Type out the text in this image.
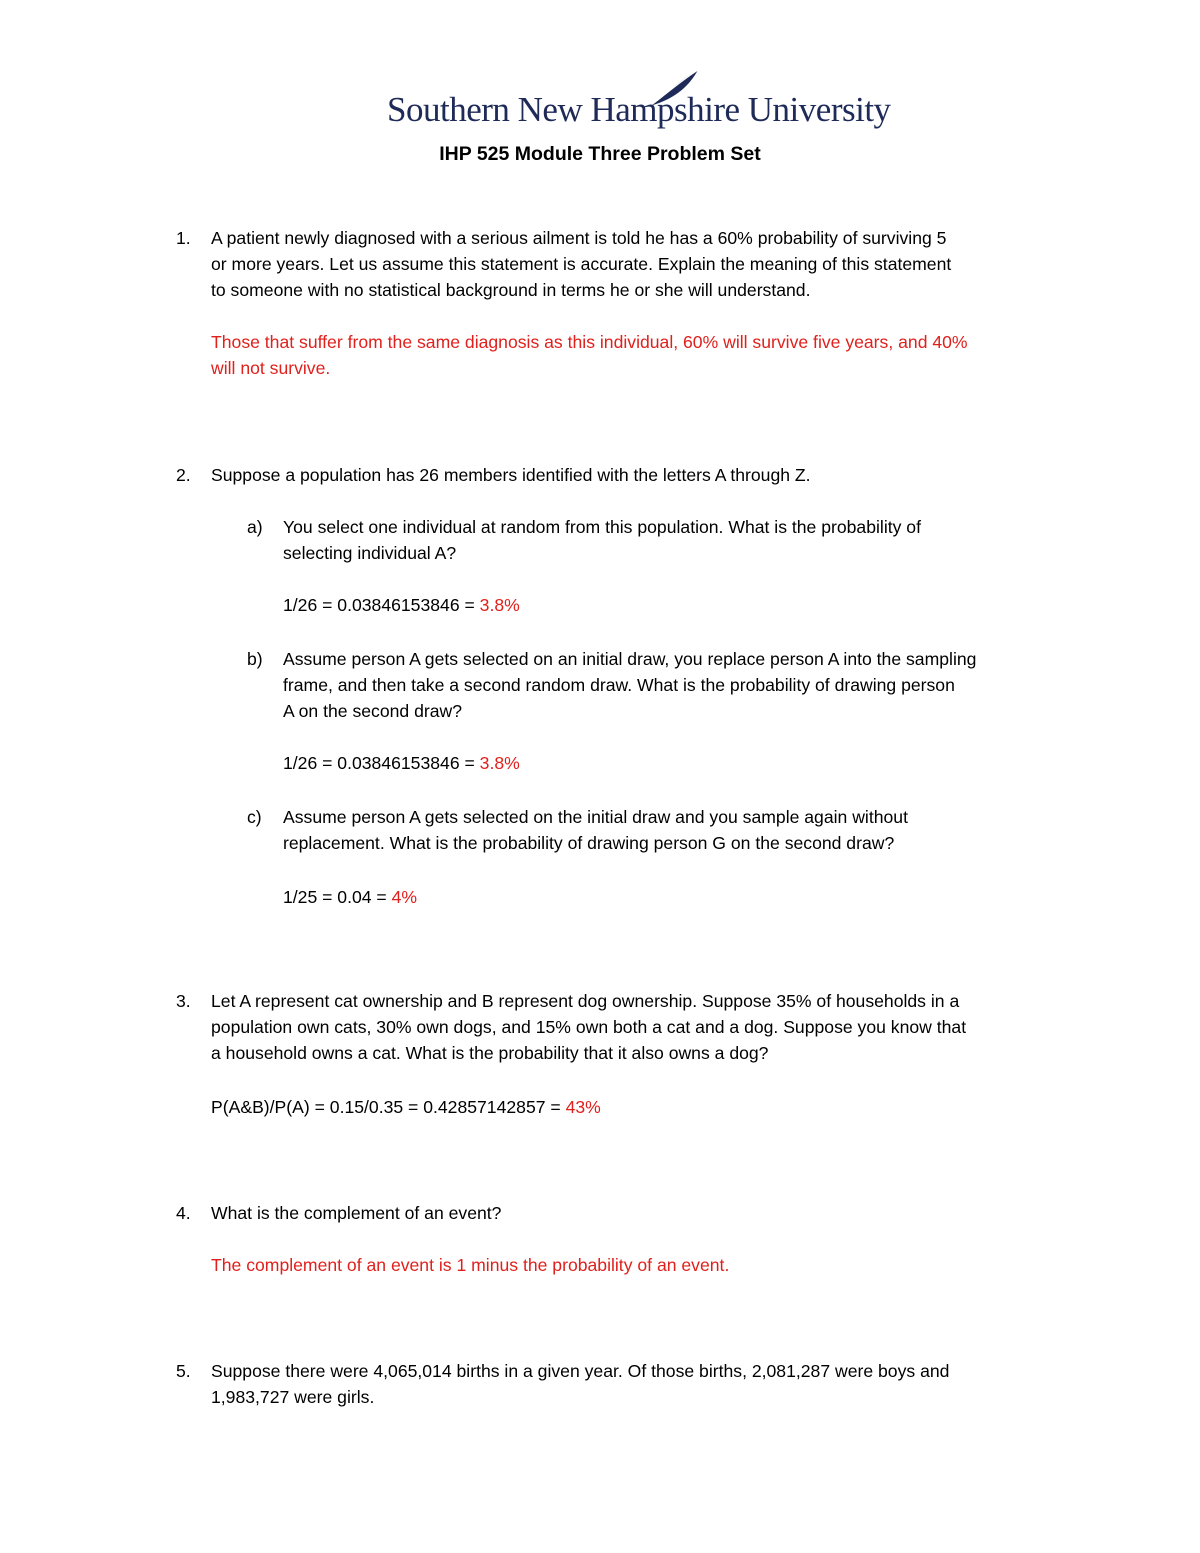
Southern New Hampshire University
IHP 525 Module Three Problem Set
1. A patient newly diagnosed with a serious ailment is told he has a 60% probability of surviving 5
or more years. Let us assume this statement is accurate. Explain the meaning of this statement
to someone with no statistical background in terms he or she will understand.
Those that suffer from the same diagnosis as this individual, 60% will survive five years, and 40%
will not survive.
2. Suppose a population has 26 members identified with the letters A through Z.
a) You select one individual at random from this population. What is the probability of
selecting individual A?
1/26 = 0.03846153846 = 3.8%
b) Assume person A gets selected on an initial draw, you replace person A into the sampling
frame, and then take a second random draw. What is the probability of drawing person
A on the second draw?
1/26 = 0.03846153846 = 3.8%
c) Assume person A gets selected on the initial draw and you sample again without
replacement. What is the probability of drawing person G on the second draw?
1/25 = 0.04 = 4%
3. Let A represent cat ownership and B represent dog ownership. Suppose 35% of households in a
population own cats, 30% own dogs, and 15% own both a cat and a dog. Suppose you know that
a household owns a cat. What is the probability that it also owns a dog?
P(A&B)/P(A) = 0.15/0.35 = 0.42857142857 = 43%
4. What is the complement of an event?
The complement of an event is 1 minus the probability of an event.
5. Suppose there were 4,065,014 births in a given year. Of those births, 2,081,287 were boys and
1,983,727 were girls.
